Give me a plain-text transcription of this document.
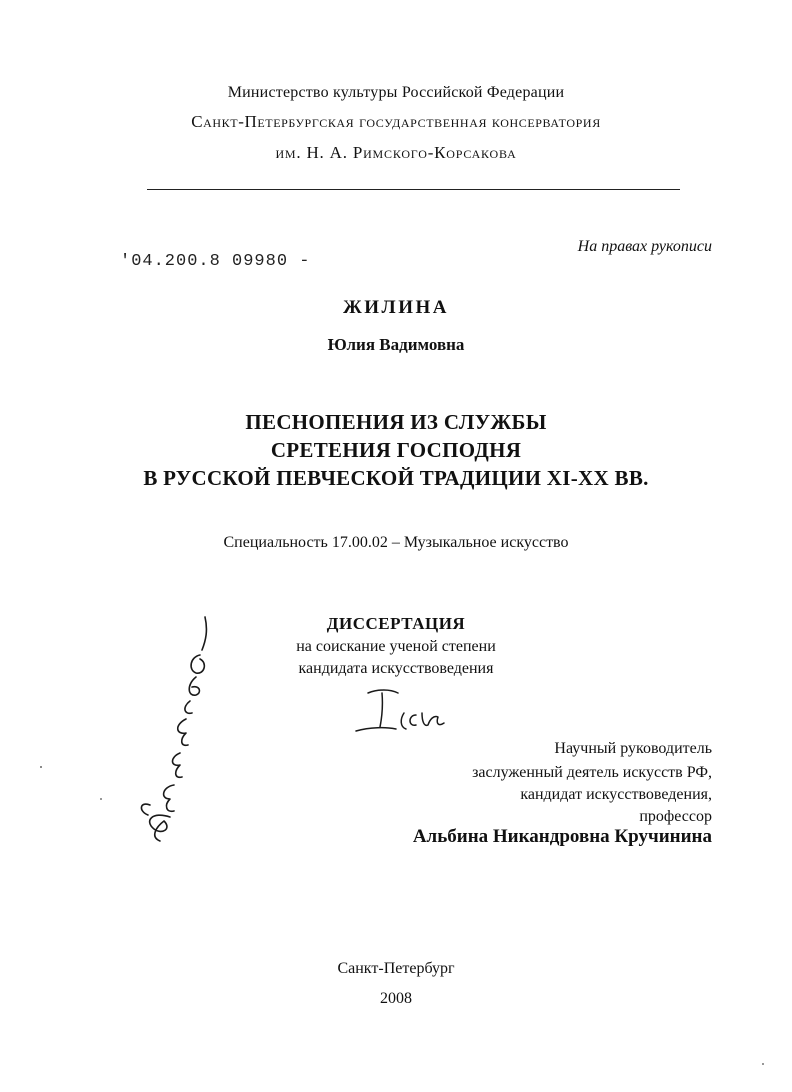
Министерство культуры Российской Федерации
Санкт-Петербургская государственная консерватория
им. Н. А. Римского-Корсакова
На правах рукописи
'04.200.8 09980 -
ЖИЛИНА
Юлия Вадимовна
ПЕСНОПЕНИЯ ИЗ СЛУЖБЫ
СРЕТЕНИЯ ГОСПОДНЯ
В РУССКОЙ ПЕВЧЕСКОЙ ТРАДИЦИИ XI-XX ВВ.
Специальность 17.00.02 – Музыкальное искусство
ДИССЕРТАЦИЯ
на соискание ученой степени
кандидата искусствоведения
Научный руководитель
заслуженный деятель искусств РФ,
кандидат искусствоведения,
профессор
Альбина Никандровна Кручинина
Санкт-Петербург
2008
